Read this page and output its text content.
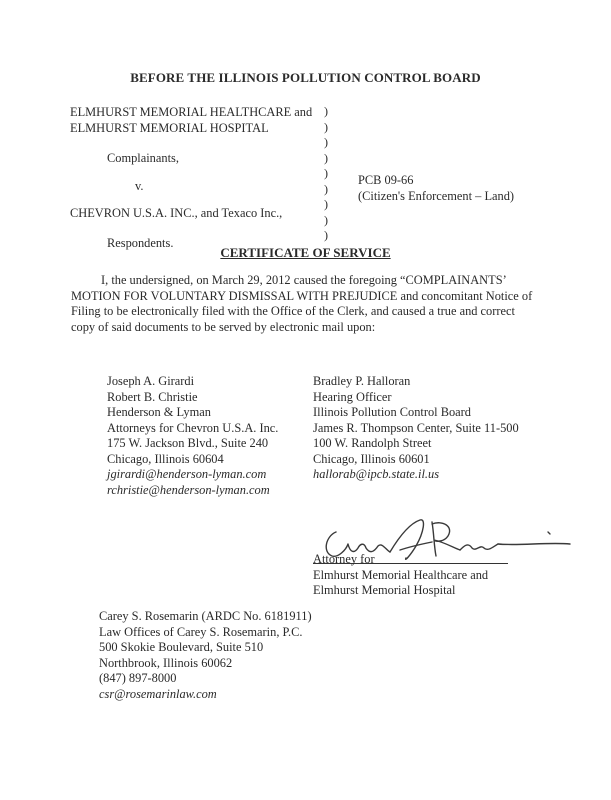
BEFORE THE ILLINOIS POLLUTION CONTROL BOARD
ELMHURST MEMORIAL HEALTHCARE and
ELMHURST MEMORIAL HOSPITAL
Complainants,
v.
CHEVRON U.S.A. INC., and Texaco Inc.,
Respondents.
)
)
)
)
)
)
)
)
)
PCB 09-66
(Citizen's Enforcement – Land)
CERTIFICATE OF SERVICE

I, the undersigned, on March 29, 2012 caused the foregoing “COMPLAINANTS’ MOTION FOR VOLUNTARY DISMISSAL WITH PREJUDICE and concomitant Notice of Filing to be electronically filed with the Office of the Clerk, and caused a true and correct copy of said documents to be served by electronic mail upon:

Joseph A. Girardi
Robert B. Christie
Henderson & Lyman
Attorneys for Chevron U.S.A. Inc.
175 W. Jackson Blvd., Suite 240
Chicago, Illinois 60604
jgirardi@henderson-lyman.com
rchristie@henderson-lyman.com
Bradley P. Halloran
Hearing Officer
Illinois Pollution Control Board
James R. Thompson Center, Suite 11-500
100 W. Randolph Street
Chicago, Illinois 60601
hallorab@ipcb.state.il.us
Attorney for
Elmhurst Memorial Healthcare and
Elmhurst Memorial Hospital
Carey S. Rosemarin (ARDC No. 6181911)
Law Offices of Carey S. Rosemarin, P.C.
500 Skokie Boulevard, Suite 510
Northbrook, Illinois 60062
(847) 897-8000
csr@rosemarinlaw.com
